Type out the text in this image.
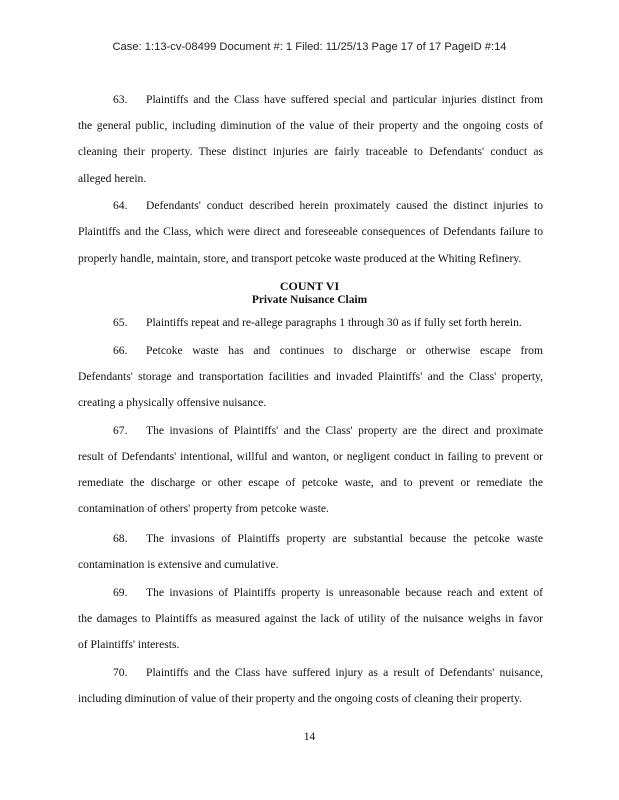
Case: 1:13-cv-08499 Document #: 1 Filed: 11/25/13 Page 17 of 17 PageID #:14
COUNT VI
Private Nuisance Claim
63. Plaintiffs and the Class have suffered special and particular injuries distinct from
the general public, including diminution of the value of their property and the ongoing costs of
cleaning their property. These distinct injuries are fairly traceable to Defendants' conduct as
alleged herein.
64. Defendants' conduct described herein proximately caused the distinct injuries to
Plaintiffs and the Class, which were direct and foreseeable consequences of Defendants failure to
properly handle, maintain, store, and transport petcoke waste produced at the Whiting Refinery.
65. Plaintiffs repeat and re-allege paragraphs 1 through 30 as if fully set forth herein.
66. Petcoke waste has and continues to discharge or otherwise escape from
Defendants' storage and transportation facilities and invaded Plaintiffs' and the Class' property,
creating a physically offensive nuisance.
67. The invasions of Plaintiffs' and the Class' property are the direct and proximate
result of Defendants' intentional, willful and wanton, or negligent conduct in failing to prevent or
remediate the discharge or other escape of petcoke waste, and to prevent or remediate the
contamination of others' property from petcoke waste.
68. The invasions of Plaintiffs property are substantial because the petcoke waste
contamination is extensive and cumulative.
69. The invasions of Plaintiffs property is unreasonable because reach and extent of
the damages to Plaintiffs as measured against the lack of utility of the nuisance weighs in favor
of Plaintiffs' interests.
70. Plaintiffs and the Class have suffered injury as a result of Defendants' nuisance,
including diminution of value of their property and the ongoing costs of cleaning their property.
14
